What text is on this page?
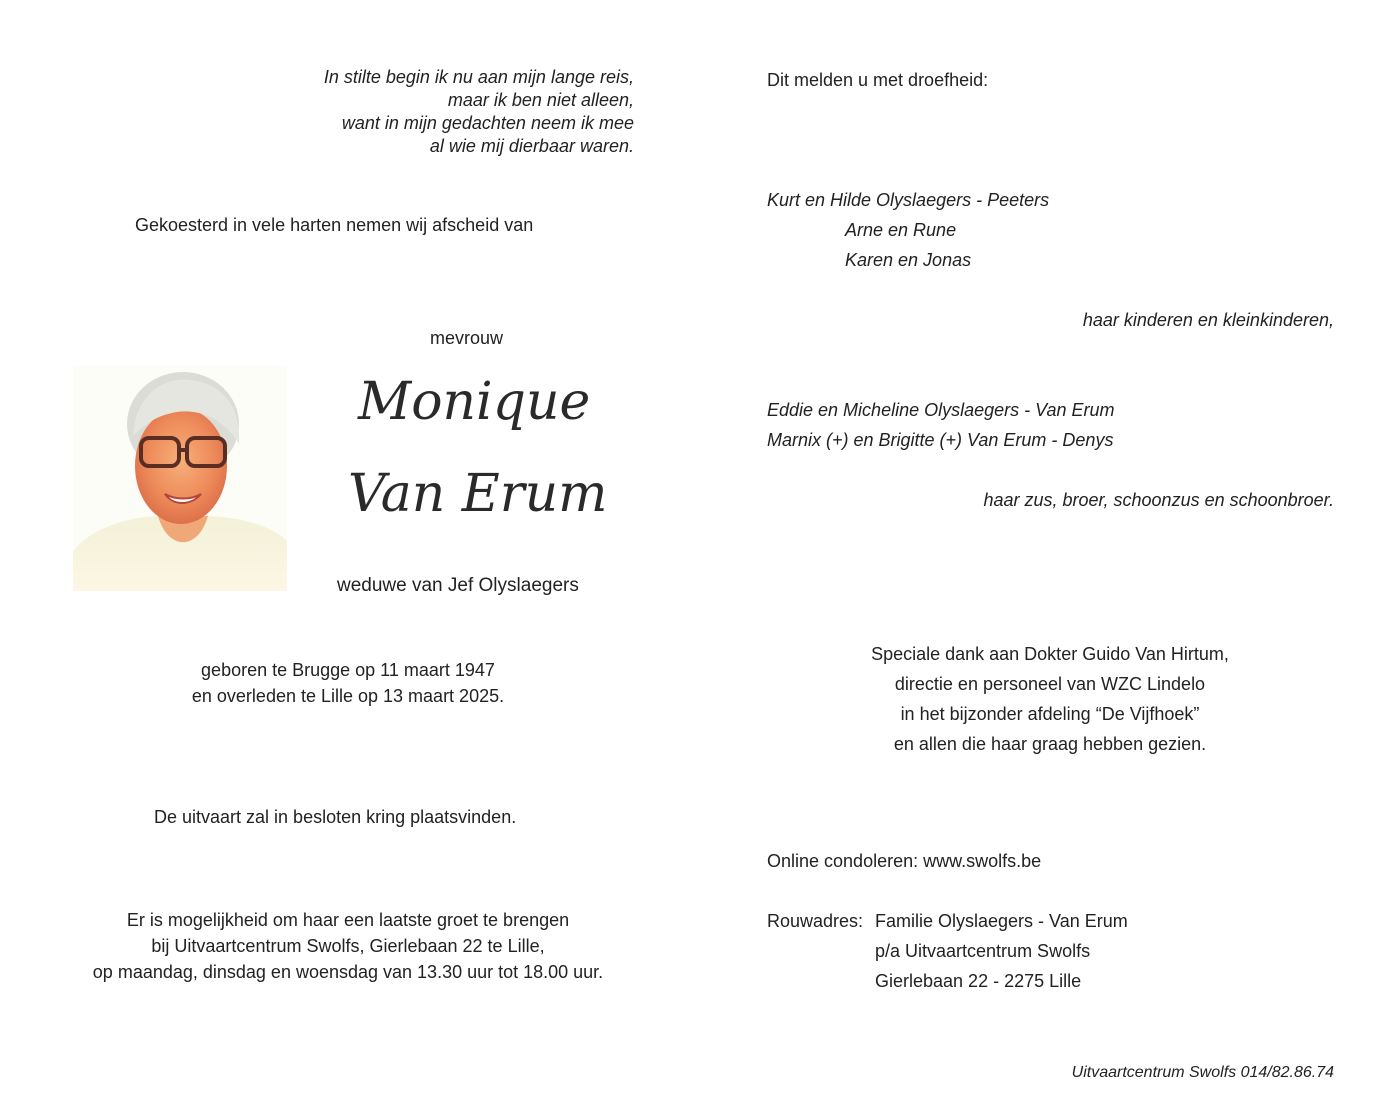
In stilte begin ik nu aan mijn lange reis,
maar ik ben niet alleen,
want in mijn gedachten neem ik mee
al wie mij dierbaar waren.
Gekoesterd in vele harten nemen wij afscheid van
mevrouw
Monique
Van Erum
weduwe van Jef Olyslaegers
geboren te Brugge op 11 maart 1947
en overleden te Lille op 13 maart 2025.
De uitvaart zal in besloten kring plaatsvinden.
Er is mogelijkheid om haar een laatste groet te brengen
bij Uitvaartcentrum Swolfs, Gierlebaan 22 te Lille,
op maandag, dinsdag en woensdag van 13.30 uur tot 18.00 uur.
Dit melden u met droefheid:
Kurt en Hilde Olyslaegers - Peeters
Arne en Rune
Karen en Jonas
haar kinderen en kleinkinderen,
Eddie en Micheline Olyslaegers - Van Erum
Marnix (+) en Brigitte (+) Van Erum - Denys
haar zus, broer, schoonzus en schoonbroer.
Speciale dank aan Dokter Guido Van Hirtum,
directie en personeel van WZC Lindelo
in het bijzonder afdeling “De Vijfhoek”
en allen die haar graag hebben gezien.
Online condoleren: www.swolfs.be
Rouwadres: Familie Olyslaegers - Van Erum
p/a Uitvaartcentrum Swolfs
Gierlebaan 22 - 2275 Lille
Uitvaartcentrum Swolfs 014/82.86.74
